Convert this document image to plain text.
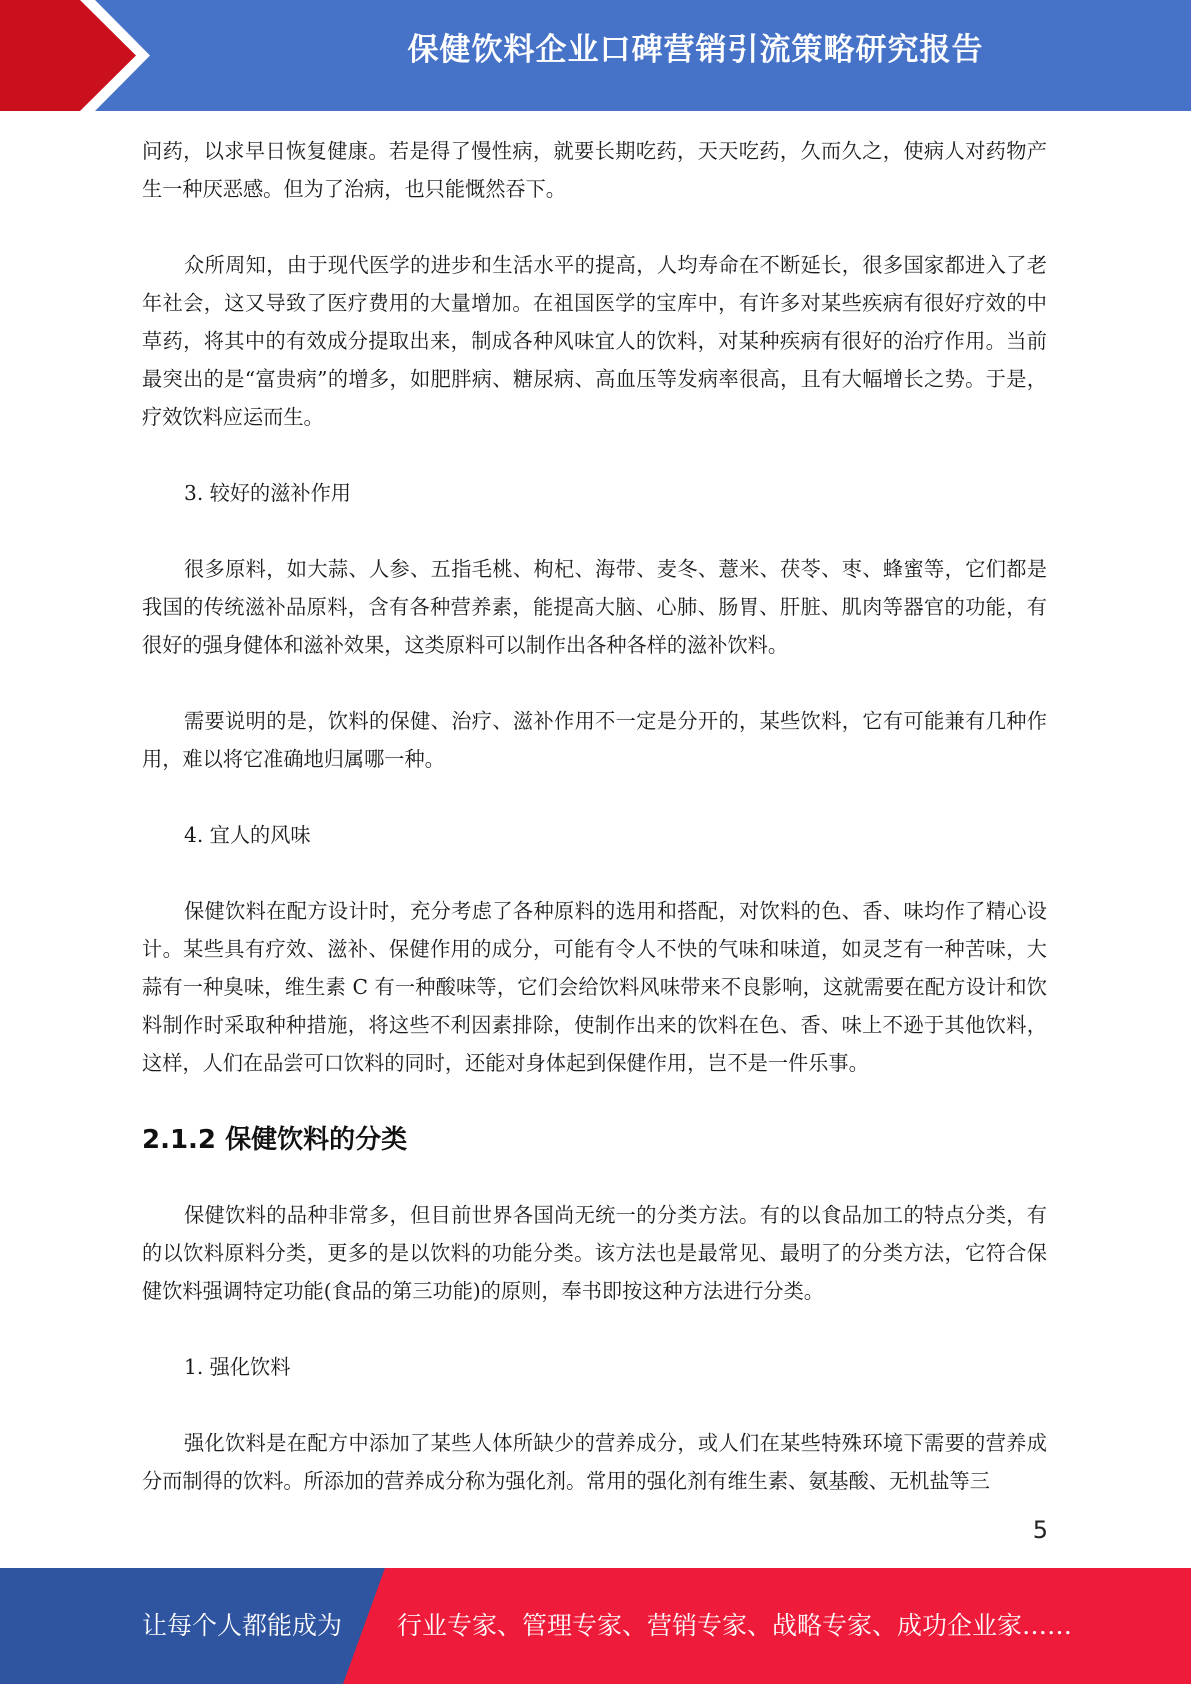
保健饮料企业口碑营销引流策略研究报告

问药，以求早日恢复健康。若是得了慢性病，就要长期吃药，天天吃药，久而久之，使病人对药物产生一种厌恶感。但为了治病，也只能慨然吞下。

众所周知，由于现代医学的进步和生活水平的提高，人均寿命在不断延长，很多国家都进入了老年社会，这又导致了医疗费用的大量增加。在祖国医学的宝库中，有许多对某些疾病有很好疗效的中草药，将其中的有效成分提取出来，制成各种风味宜人的饮料，对某种疾病有很好的治疗作用。当前最突出的是“富贵病”的增多，如肥胖病、糖尿病、高血压等发病率很高，且有大幅增长之势。于是，疗效饮料应运而生。

3. 较好的滋补作用

很多原料，如大蒜、人参、五指毛桃、枸杞、海带、麦冬、薏米、茯苓、枣、蜂蜜等，它们都是我国的传统滋补品原料，含有各种营养素，能提高大脑、心肺、肠胃、肝脏、肌肉等器官的功能，有很好的强身健体和滋补效果，这类原料可以制作出各种各样的滋补饮料。

需要说明的是，饮料的保健、治疗、滋补作用不一定是分开的，某些饮料，它有可能兼有几种作用，难以将它准确地归属哪一种。

4. 宜人的风味

保健饮料在配方设计时，充分考虑了各种原料的选用和搭配，对饮料的色、香、味均作了精心设计。某些具有疗效、滋补、保健作用的成分，可能有令人不快的气味和味道，如灵芝有一种苦味，大蒜有一种臭味，维生素 C 有一种酸味等，它们会给饮料风味带来不良影响，这就需要在配方设计和饮料制作时采取种种措施，将这些不利因素排除，使制作出来的饮料在色、香、味上不逊于其他饮料，这样，人们在品尝可口饮料的同时，还能对身体起到保健作用，岂不是一件乐事。

2.1.2 保健饮料的分类

保健饮料的品种非常多，但目前世界各国尚无统一的分类方法。有的以食品加工的特点分类，有的以饮料原料分类，更多的是以饮料的功能分类。该方法也是最常见、最明了的分类方法，它符合保健饮料强调特定功能(食品的第三功能)的原则，奉书即按这种方法进行分类。

1. 强化饮料

强化饮料是在配方中添加了某些人体所缺少的营养成分，或人们在某些特殊环境下需要的营养成分而制得的饮料。所添加的营养成分称为强化剂。常用的强化剂有维生素、氨基酸、无机盐等三

5
让每个人都能成为 行业专家、管理专家、营销专家、战略专家、成功企业家……
